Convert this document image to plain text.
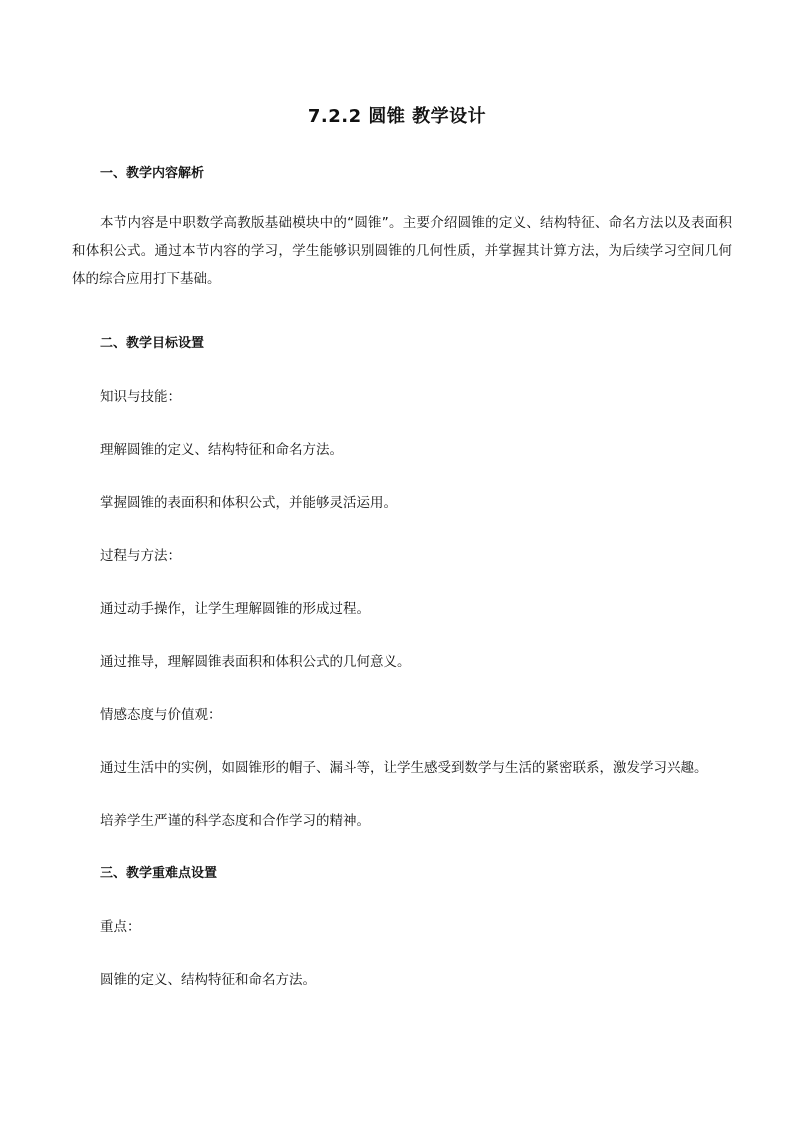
7.2.2 圆锥 教学设计
一、教学内容解析
本节内容是中职数学高教版基础模块中的“圆锥”。主要介绍圆锥的定义、结构特征、命名方法以及表面积和体积公式。通过本节内容的学习，学生能够识别圆锥的几何性质，并掌握其计算方法，为后续学习空间几何体的综合应用打下基础。
二、教学目标设置
知识与技能：
理解圆锥的定义、结构特征和命名方法。
掌握圆锥的表面积和体积公式，并能够灵活运用。
过程与方法：
通过动手操作，让学生理解圆锥的形成过程。
通过推导，理解圆锥表面积和体积公式的几何意义。
情感态度与价值观：
通过生活中的实例，如圆锥形的帽子、漏斗等，让学生感受到数学与生活的紧密联系，激发学习兴趣。
培养学生严谨的科学态度和合作学习的精神。
三、教学重难点设置
重点：
圆锥的定义、结构特征和命名方法。
